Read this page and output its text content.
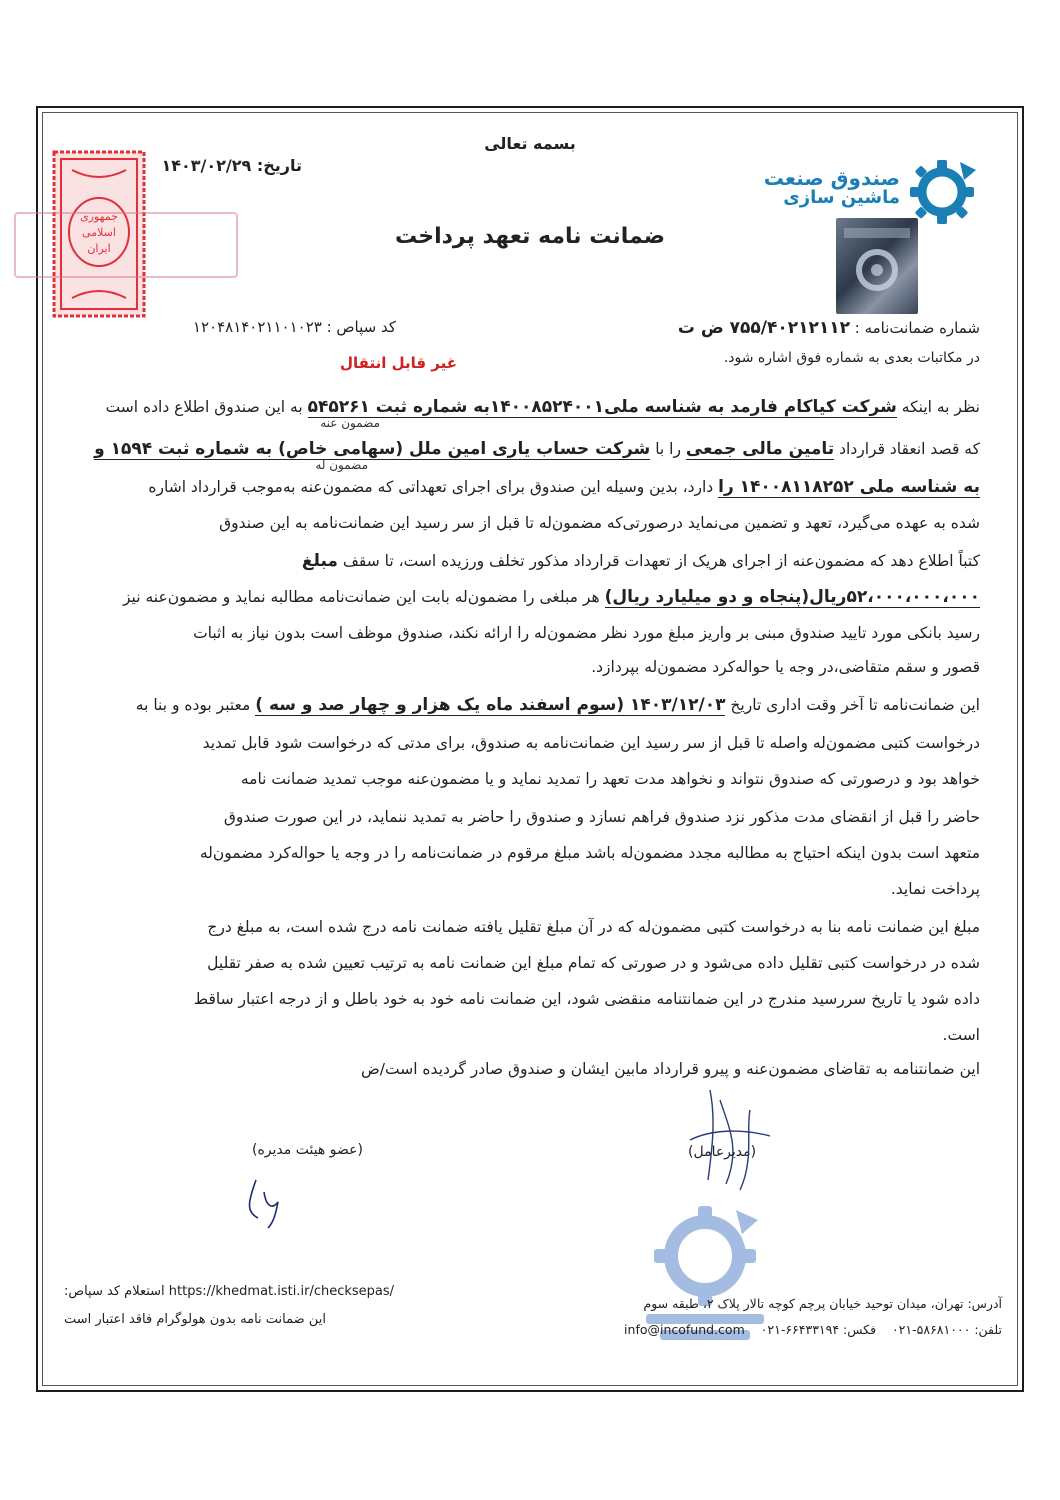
بسمه تعالی
تاریخ: ۱۴۰۳/۰۲/۲۹
ضمانت نامه تعهد پرداخت
صندوق صنعت
ماشین سازی
جمهوری
اسلامی
ایران

شماره ضمانت‌نامه : ۷۵۵/۴۰۲۱۲۱۱۲ ض ت
کد سپاص : ۱۲۰۴۸۱۴۰۲۱۱۰۱۰۲۳
در مکاتبات بعدی به شماره فوق اشاره شود.
غیر قابل انتقال
نظر به اینکه شرکت کیاکام فارمد به شناسه ملی۱۴۰۰۸۵۲۴۰۰۱به شماره ثبت ۵۴۵۲۶۱ به این صندوق اطلاع داده است
مضمون عنه
که قصد انعقاد قرارداد تامین مالی جمعی را با شرکت حساب یاری امین ملل (سهامی خاص) به شماره ثبت ۱۵۹۴ و
مضمون له
به شناسه ملی ۱۴۰۰۸۱۱۸۲۵۲ را دارد، بدین وسیله این صندوق برای اجرای تعهداتی که مضمون‌عنه به‌موجب قرارداد اشاره
شده به عهده می‌گیرد، تعهد و تضمین می‌نماید درصورتی‌که مضمون‌له تا قبل از سر رسید این ضمانت‌نامه به این صندوق
کتباً اطلاع دهد که مضمون‌عنه از اجرای هریک از تعهدات قرارداد مذکور تخلف ورزیده است، تا سقف مبلغ
۵۲،۰۰۰،۰۰۰،۰۰۰ریال(پنجاه و دو میلیارد ریال) هر مبلغی را مضمون‌له بابت این ضمانت‌نامه مطالبه نماید و مضمون‌عنه نیز
رسید بانکی مورد تایید صندوق مبنی بر واریز مبلغ مورد نظر مضمون‌له را ارائه نکند، صندوق موظف است بدون نیاز به اثبات
قصور و سقم متقاضی،در وجه یا حواله‌کرد مضمون‌له بپردازد.
این ضمانت‌نامه تا آخر وقت اداری تاریخ ۱۴۰۳/۱۲/۰۳ (سوم اسفند ماه یک هزار و چهار صد و سه ) معتبر بوده و بنا به
درخواست کتبی مضمون‌له واصله تا قبل از سر رسید این ضمانت‌نامه به صندوق، برای مدتی که درخواست شود قابل تمدید
خواهد بود و درصورتی که صندوق نتواند و نخواهد مدت تعهد را تمدید نماید و یا مضمون‌عنه موجب تمدید ضمانت نامه
حاضر را قبل از انقضای مدت مذکور نزد صندوق فراهم نسازد و صندوق را حاضر به تمدید ننماید، در این صورت صندوق
متعهد است بدون اینکه احتیاج به مطالبه مجدد مضمون‌له باشد مبلغ مرقوم در ضمانت‌نامه را در وجه یا حواله‌کرد مضمون‌له
پرداخت نماید.
مبلغ این ضمانت نامه بنا به درخواست کتبی مضمون‌له که در آن مبلغ تقلیل یافته ضمانت نامه درج شده است، به مبلغ درج
شده در درخواست کتبی تقلیل داده می‌شود و در صورتی که تمام مبلغ این ضمانت نامه به ترتیب تعیین شده به صفر تقلیل
داده شود یا تاریخ سررسید مندرج در این ضمانتنامه منقضی شود، این ضمانت نامه خود به خود باطل و از درجه اعتبار ساقط
است.
این ضمانتنامه به تقاضای مضمون‌عنه و پیرو قرارداد مابین ایشان و صندوق صادر گردیده است/ض
(عضو هیئت مدیره)	(مدیرعامل)
https://khedmat.isti.ir/checksepas/ استعلام کد سپاص:
این ضمانت نامه بدون هولوگرام فاقد اعتبار است
آدرس: تهران، میدان توحید خیابان پرچم کوچه تالار پلاک ۲، طبقه سوم
تلفن: ۵۸۶۸۱۰۰۰-۰۲۱    فکس: ۶۶۴۳۳۱۹۴-۰۲۱    info@incofund.com
